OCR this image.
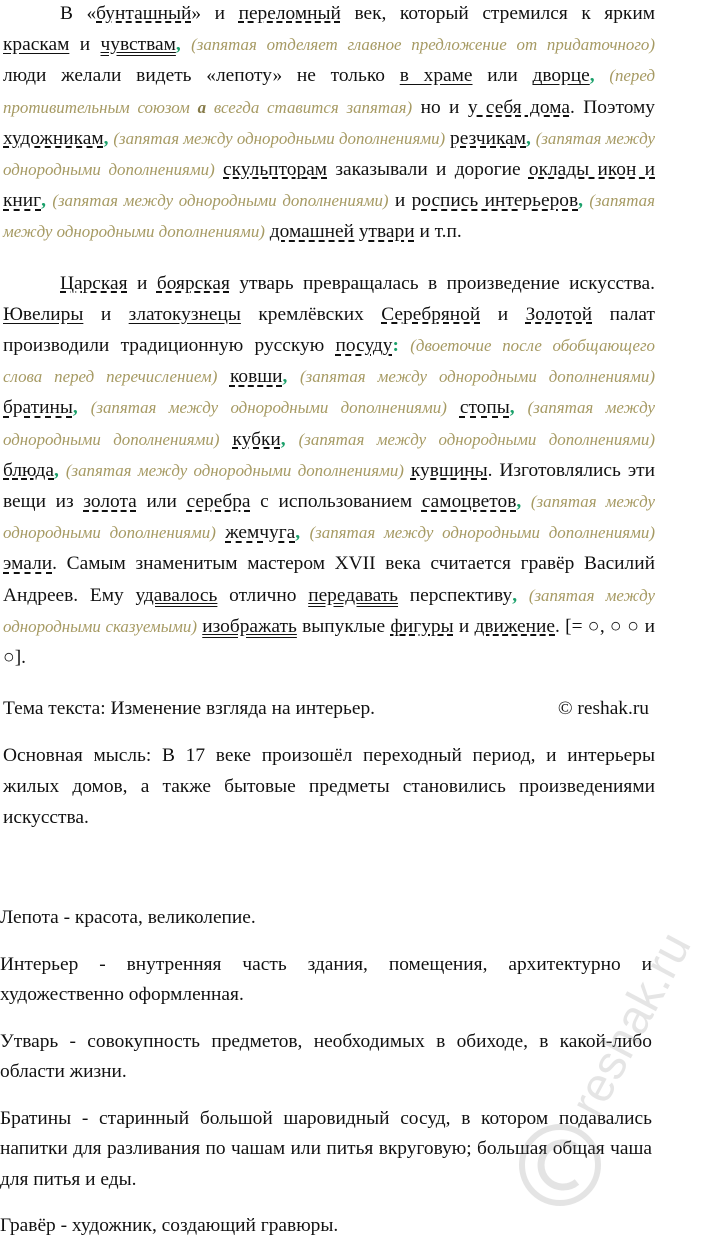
В «бунташный» и переломный век, который стремился к ярким краскам и чувствам, (запятая отделяет главное предложение от придаточного) люди желали видеть «лепоту» не только в храме или дворце, (перед противительным союзом а всегда ставится запятая) но и у себя дома. Поэтому художникам, (запятая между однородными дополнениями) резчикам, (запятая между однородными дополнениями) скульпторам заказывали и дорогие оклады икон и книг, (запятая между однородными дополнениями) и роспись интерьеров, (запятая между однородными дополнениями) домашней утвари и т.п.

Царская и боярская утварь превращалась в произведение искусства. Ювелиры и златокузнецы кремлёвских Серебряной и Золотой палат производили традиционную русскую посуду: (двоеточие после обобщающего слова перед перечислением) ковши, (запятая между однородными дополнениями) братины, (запятая между однородными дополнениями) стопы, (запятая между однородными дополнениями) кубки, (запятая между однородными дополнениями) блюда, (запятая между однородными дополнениями) кувшины. Изготовлялись эти вещи из золота или серебра с использованием самоцветов, (запятая между однородными дополнениями) жемчуга, (запятая между однородными дополнениями) эмали. Самым знаменитым мастером XVII века считается гравёр Василий Андреев. Ему удавалось отлично передавать перспективу, (запятая между однородными сказуемыми) изображать выпуклые фигуры и движение. [= ○, ○ ○ и ○].

Тема текста: Изменение взгляда на интерьер.	© reshak.ru

Основная мысль: В 17 веке произошёл переходный период, и интерьеры жилых домов, а также бытовые предметы становились произведениями искусства.

Лепота - красота, великолепие.

Интерьер - внутренняя часть здания, помещения, архитектурно и художественно оформленная.

Утварь - совокупность предметов, необходимых в обиходе, в какой-либо области жизни.

Братины - старинный большой шаровидный сосуд, в котором подавались напитки для разливания по чашам или питья вкруговую; большая общая чаша для питья и еды.

Гравёр - художник, создающий гравюры.

reshak.ru
